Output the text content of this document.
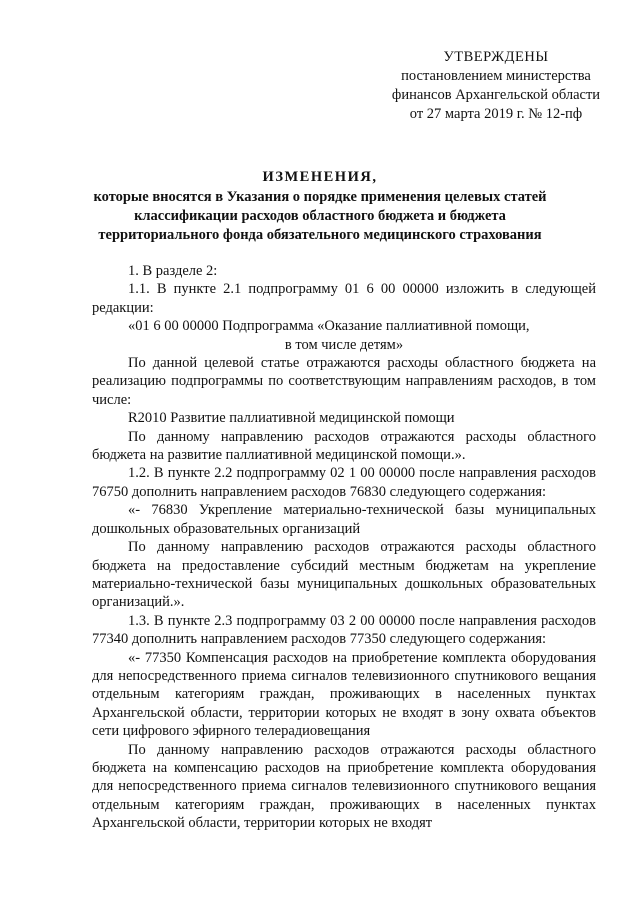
УТВЕРЖДЕНЫ
постановлением министерства
финансов Архангельской области
от 27 марта 2019 г. № 12-пф
ИЗМЕНЕНИЯ,
которые вносятся в Указания о порядке применения целевых статей
классификации расходов областного бюджета и бюджета
территориального фонда обязательного медицинского страхования

1. В разделе 2:

1.1. В пункте 2.1 подпрограмму 01 6 00 00000 изложить в следующей редакции:

«01 6 00 00000 Подпрограмма «Оказание паллиативной помощи,

в том числе детям»

По данной целевой статье отражаются расходы областного бюджета на реализацию подпрограммы по соответствующим направлениям расходов, в том числе:

R2010 Развитие паллиативной медицинской помощи

По данному направлению расходов отражаются расходы областного бюджета на развитие паллиативной медицинской помощи.».

1.2. В пункте 2.2 подпрограмму 02 1 00 00000 после направления расходов 76750 дополнить направлением расходов 76830 следующего содержания:

«- 76830 Укрепление материально-технической базы муниципальных дошкольных образовательных организаций

По данному направлению расходов отражаются расходы областного бюджета на предоставление субсидий местным бюджетам на укрепление материально-технической базы муниципальных дошкольных образовательных организаций.».

1.3. В пункте 2.3 подпрограмму 03 2 00 00000 после направления расходов 77340 дополнить направлением расходов 77350 следующего содержания:

«- 77350 Компенсация расходов на приобретение комплекта оборудования для непосредственного приема сигналов телевизионного спутникового вещания отдельным категориям граждан, проживающих в населенных пунктах Архангельской области, территории которых не входят в зону охвата объектов сети цифрового эфирного телерадиовещания

По данному направлению расходов отражаются расходы областного бюджета на компенсацию расходов на приобретение комплекта оборудования для непосредственного приема сигналов телевизионного спутникового вещания отдельным категориям граждан, проживающих в населенных пунктах Архангельской области, территории которых не входят
